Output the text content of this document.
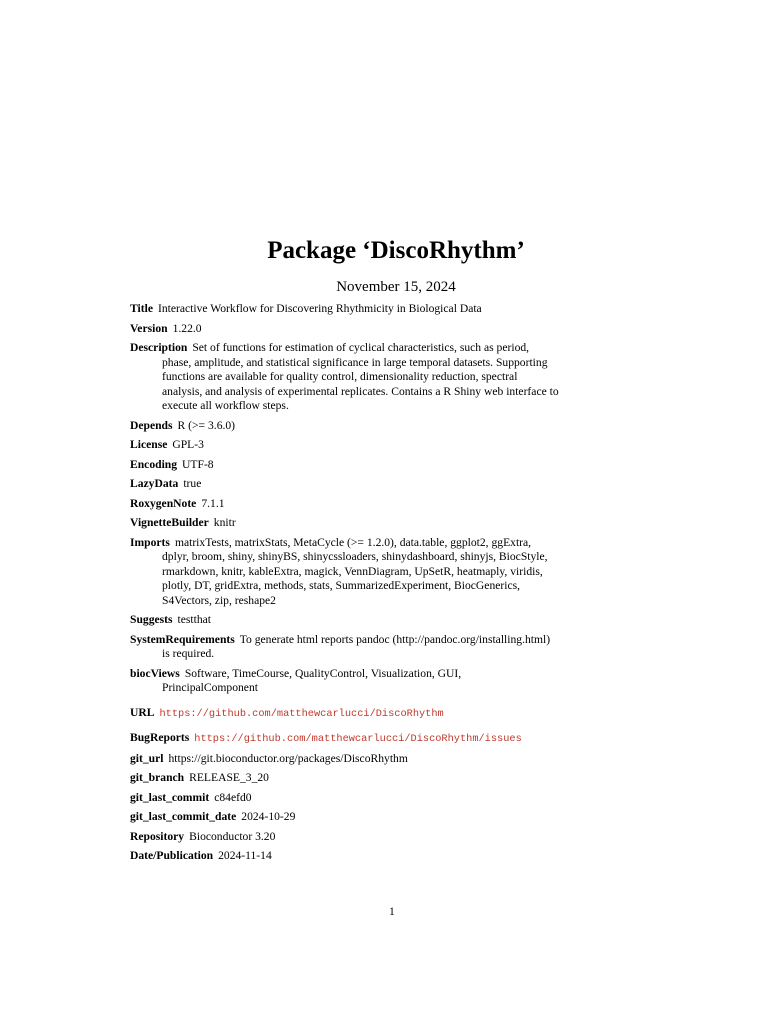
Package ‘DiscoRhythm’
November 15, 2024
Title Interactive Workflow for Discovering Rhythmicity in Biological Data
Version 1.22.0
Description Set of functions for estimation of cyclical characteristics, such as period, phase, amplitude, and statistical significance in large temporal datasets. Supporting functions are available for quality control, dimensionality reduction, spectral analysis, and analysis of experimental replicates. Contains a R Shiny web interface to execute all workflow steps.
Depends R (>= 3.6.0)
License GPL-3
Encoding UTF-8
LazyData true
RoxygenNote 7.1.1
VignetteBuilder knitr
Imports matrixTests, matrixStats, MetaCycle (>= 1.2.0), data.table, ggplot2, ggExtra, dplyr, broom, shiny, shinyBS, shinycssloaders, shinydashboard, shinyjs, BiocStyle, rmarkdown, knitr, kableExtra, magick, VennDiagram, UpSetR, heatmaply, viridis, plotly, DT, gridExtra, methods, stats, SummarizedExperiment, BiocGenerics, S4Vectors, zip, reshape2
Suggests testthat
SystemRequirements To generate html reports pandoc (http://pandoc.org/installing.html) is required.
biocViews Software, TimeCourse, QualityControl, Visualization, GUI, PrincipalComponent
URL https://github.com/matthewcarlucci/DiscoRhythm
BugReports https://github.com/matthewcarlucci/DiscoRhythm/issues
git_url https://git.bioconductor.org/packages/DiscoRhythm
git_branch RELEASE_3_20
git_last_commit c84efd0
git_last_commit_date 2024-10-29
Repository Bioconductor 3.20
Date/Publication 2024-11-14
1
